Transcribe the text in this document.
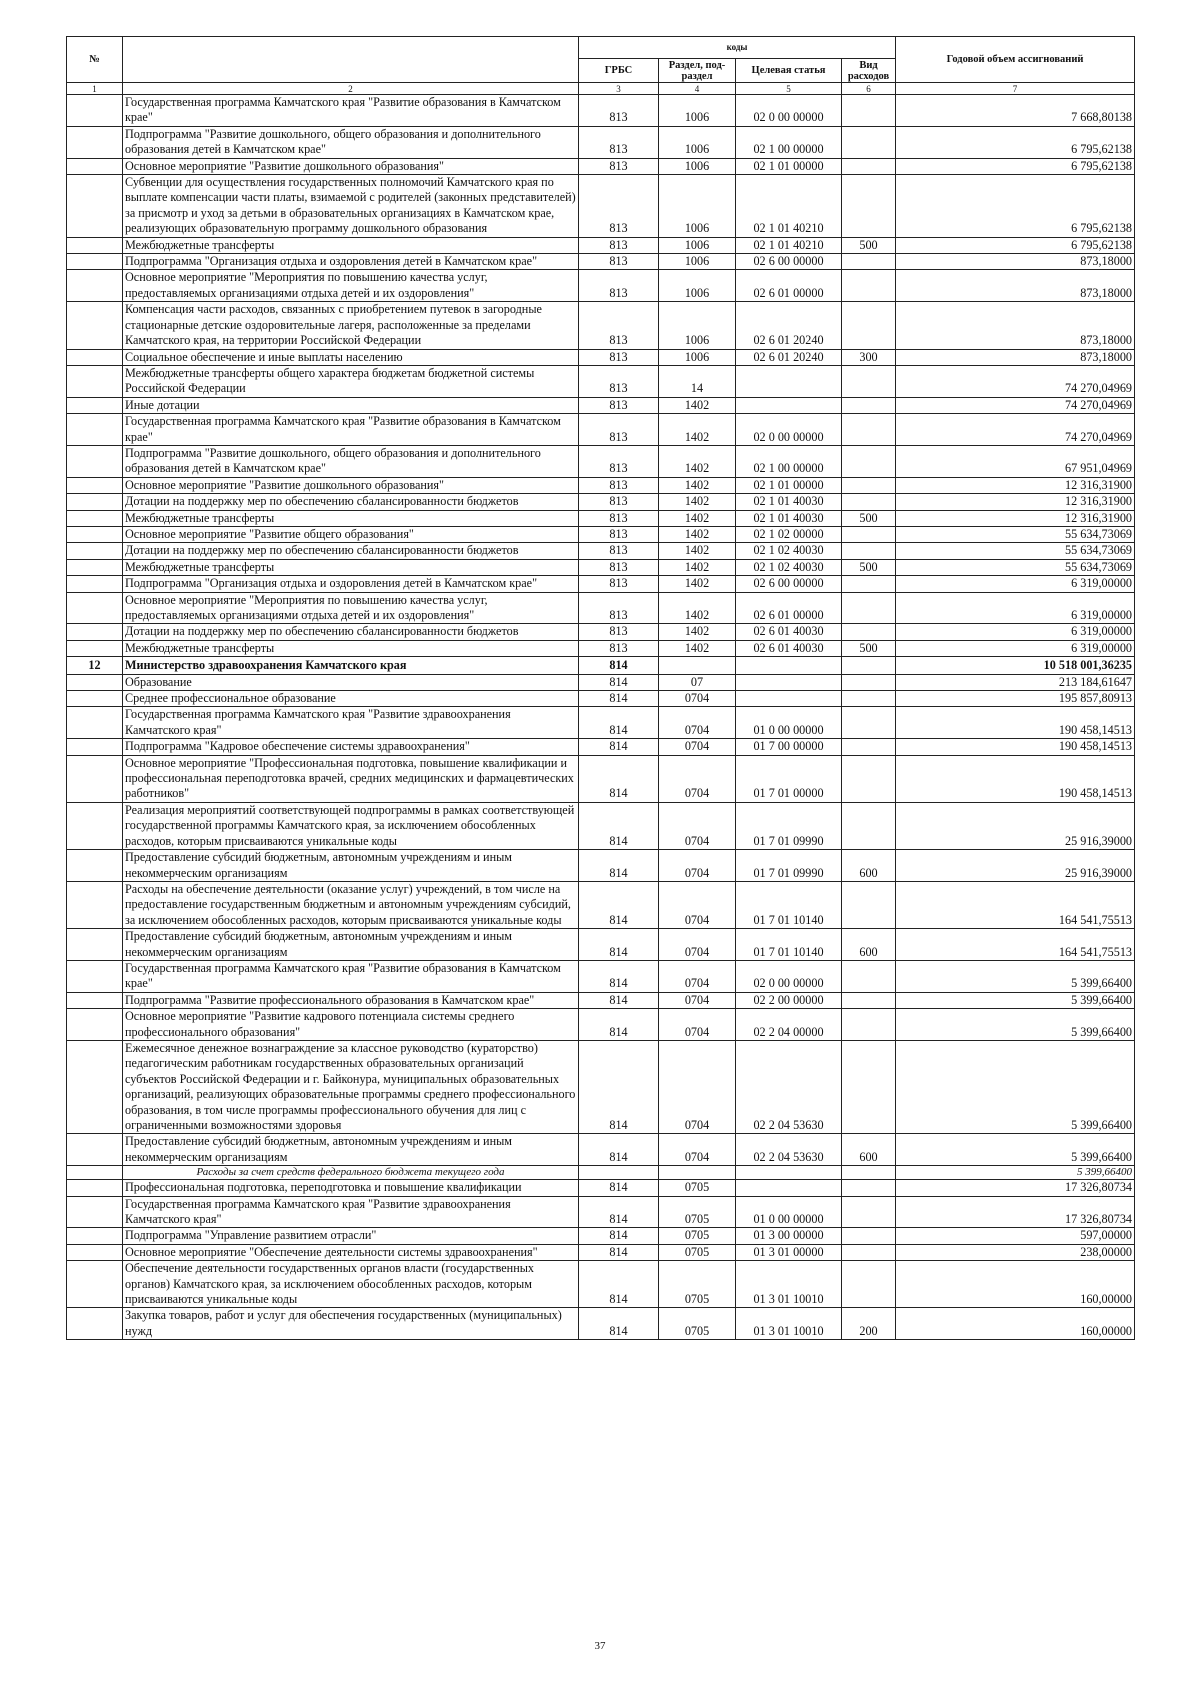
№		коды				Годовой объем ассигнований
		ГРБС	Раздел, под-раздел	Целевая статья	Вид расходов	
1	2	3	4	5	6	7
	Государственная программа Камчатского края "Развитие образования в Камчатском крае"	813	1006	02 0 00 00000		7 668,80138
	Подпрограмма "Развитие дошкольного, общего образования и дополнительного образования детей в Камчатском крае"	813	1006	02 1 00 00000		6 795,62138
	Основное мероприятие "Развитие дошкольного образования"	813	1006	02 1 01 00000		6 795,62138
	Субвенции для осуществления государственных полномочий Камчатского края по выплате компенсации части платы, взимаемой с родителей (законных представителей) за присмотр и уход за детьми в образовательных организациях в Камчатском крае, реализующих образовательную программу дошкольного образования	813	1006	02 1 01 40210		6 795,62138
	Межбюджетные трансферты	813	1006	02 1 01 40210	500	6 795,62138
	Подпрограмма "Организация отдыха и оздоровления детей в Камчатском крае"	813	1006	02 6 00 00000		873,18000
	Основное мероприятие "Мероприятия по повышению качества услуг, предоставляемых организациями отдыха детей и их оздоровления"	813	1006	02 6 01 00000		873,18000
	Компенсация части расходов, связанных с приобретением путевок в загородные стационарные детские оздоровительные лагеря, расположенные за пределами Камчатского края, на территории Российской Федерации	813	1006	02 6 01 20240		873,18000
	Социальное обеспечение и иные выплаты населению	813	1006	02 6 01 20240	300	873,18000
	Межбюджетные трансферты общего характера бюджетам бюджетной системы Российской Федерации	813	14			74 270,04969
	Иные дотации	813	1402			74 270,04969
	Государственная программа Камчатского края "Развитие образования в Камчатском крае"	813	1402	02 0 00 00000		74 270,04969
	Подпрограмма "Развитие дошкольного, общего образования и дополнительного образования детей в Камчатском крае"	813	1402	02 1 00 00000		67 951,04969
	Основное мероприятие "Развитие дошкольного образования"	813	1402	02 1 01 00000		12 316,31900
	Дотации на поддержку мер по обеспечению сбалансированности бюджетов	813	1402	02 1 01 40030		12 316,31900
	Межбюджетные трансферты	813	1402	02 1 01 40030	500	12 316,31900
	Основное мероприятие "Развитие общего образования"	813	1402	02 1 02 00000		55 634,73069
	Дотации на поддержку мер по обеспечению сбалансированности бюджетов	813	1402	02 1 02 40030		55 634,73069
	Межбюджетные трансферты	813	1402	02 1 02 40030	500	55 634,73069
	Подпрограмма "Организация отдыха и оздоровления детей в Камчатском крае"	813	1402	02 6 00 00000		6 319,00000
	Основное мероприятие "Мероприятия по повышению качества услуг, предоставляемых организациями отдыха детей и их оздоровления"	813	1402	02 6 01 00000		6 319,00000
	Дотации на поддержку мер по обеспечению сбалансированности бюджетов	813	1402	02 6 01 40030		6 319,00000
	Межбюджетные трансферты	813	1402	02 6 01 40030	500	6 319,00000
12	Министерство здравоохранения Камчатского края	814				10 518 001,36235
	Образование	814	07			213 184,61647
	Среднее профессиональное образование	814	0704			195 857,80913
	Государственная программа Камчатского края "Развитие здравоохранения Камчатского края"	814	0704	01 0 00 00000		190 458,14513
	Подпрограмма "Кадровое обеспечение системы здравоохранения"	814	0704	01 7 00 00000		190 458,14513
	Основное мероприятие "Профессиональная подготовка, повышение квалификации и профессиональная переподготовка врачей, средних медицинских и фармацевтических работников"	814	0704	01 7 01 00000		190 458,14513
	Реализация мероприятий соответствующей подпрограммы в рамках соответствующей государственной программы Камчатского края, за исключением обособленных расходов, которым присваиваются уникальные коды	814	0704	01 7 01 09990		25 916,39000
	Предоставление субсидий бюджетным, автономным учреждениям и иным некоммерческим организациям	814	0704	01 7 01 09990	600	25 916,39000
	Расходы на обеспечение деятельности (оказание услуг) учреждений, в том числе на предоставление государственным бюджетным и автономным учреждениям субсидий, за исключением обособленных расходов, которым присваиваются уникальные коды	814	0704	01 7 01 10140		164 541,75513
	Предоставление субсидий бюджетным, автономным учреждениям и иным некоммерческим организациям	814	0704	01 7 01 10140	600	164 541,75513
	Государственная программа Камчатского края "Развитие образования в Камчатском крае"	814	0704	02 0 00 00000		5 399,66400
	Подпрограмма "Развитие профессионального образования в Камчатском крае"	814	0704	02 2 00 00000		5 399,66400
	Основное мероприятие "Развитие кадрового потенциала системы среднего профессионального образования"	814	0704	02 2 04 00000		5 399,66400
	Ежемесячное денежное вознаграждение за классное руководство (кураторство) педагогическим работникам государственных образовательных организаций субъектов Российской Федерации и г. Байконура, муниципальных образовательных организаций, реализующих образовательные программы среднего профессионального образования, в том числе программы профессионального обучения для лиц с ограниченными возможностями здоровья	814	0704	02 2 04 53630		5 399,66400
	Предоставление субсидий бюджетным, автономным учреждениям и иным некоммерческим организациям	814	0704	02 2 04 53630	600	5 399,66400
	Расходы за счет средств федерального бюджета текущего года					5 399,66400
	Профессиональная подготовка, переподготовка и повышение квалификации	814	0705			17 326,80734
	Государственная программа Камчатского края "Развитие здравоохранения Камчатского края"	814	0705	01 0 00 00000		17 326,80734
	Подпрограмма "Управление развитием отрасли"	814	0705	01 3 00 00000		597,00000
	Основное мероприятие "Обеспечение деятельности системы здравоохранения"	814	0705	01 3 01 00000		238,00000
	Обеспечение деятельности государственных органов власти (государственных органов) Камчатского края, за исключением обособленных расходов, которым присваиваются уникальные коды	814	0705	01 3 01 10010		160,00000
	Закупка товаров, работ и услуг для обеспечения государственных (муниципальных) нужд	814	0705	01 3 01 10010	200	160,00000
37
